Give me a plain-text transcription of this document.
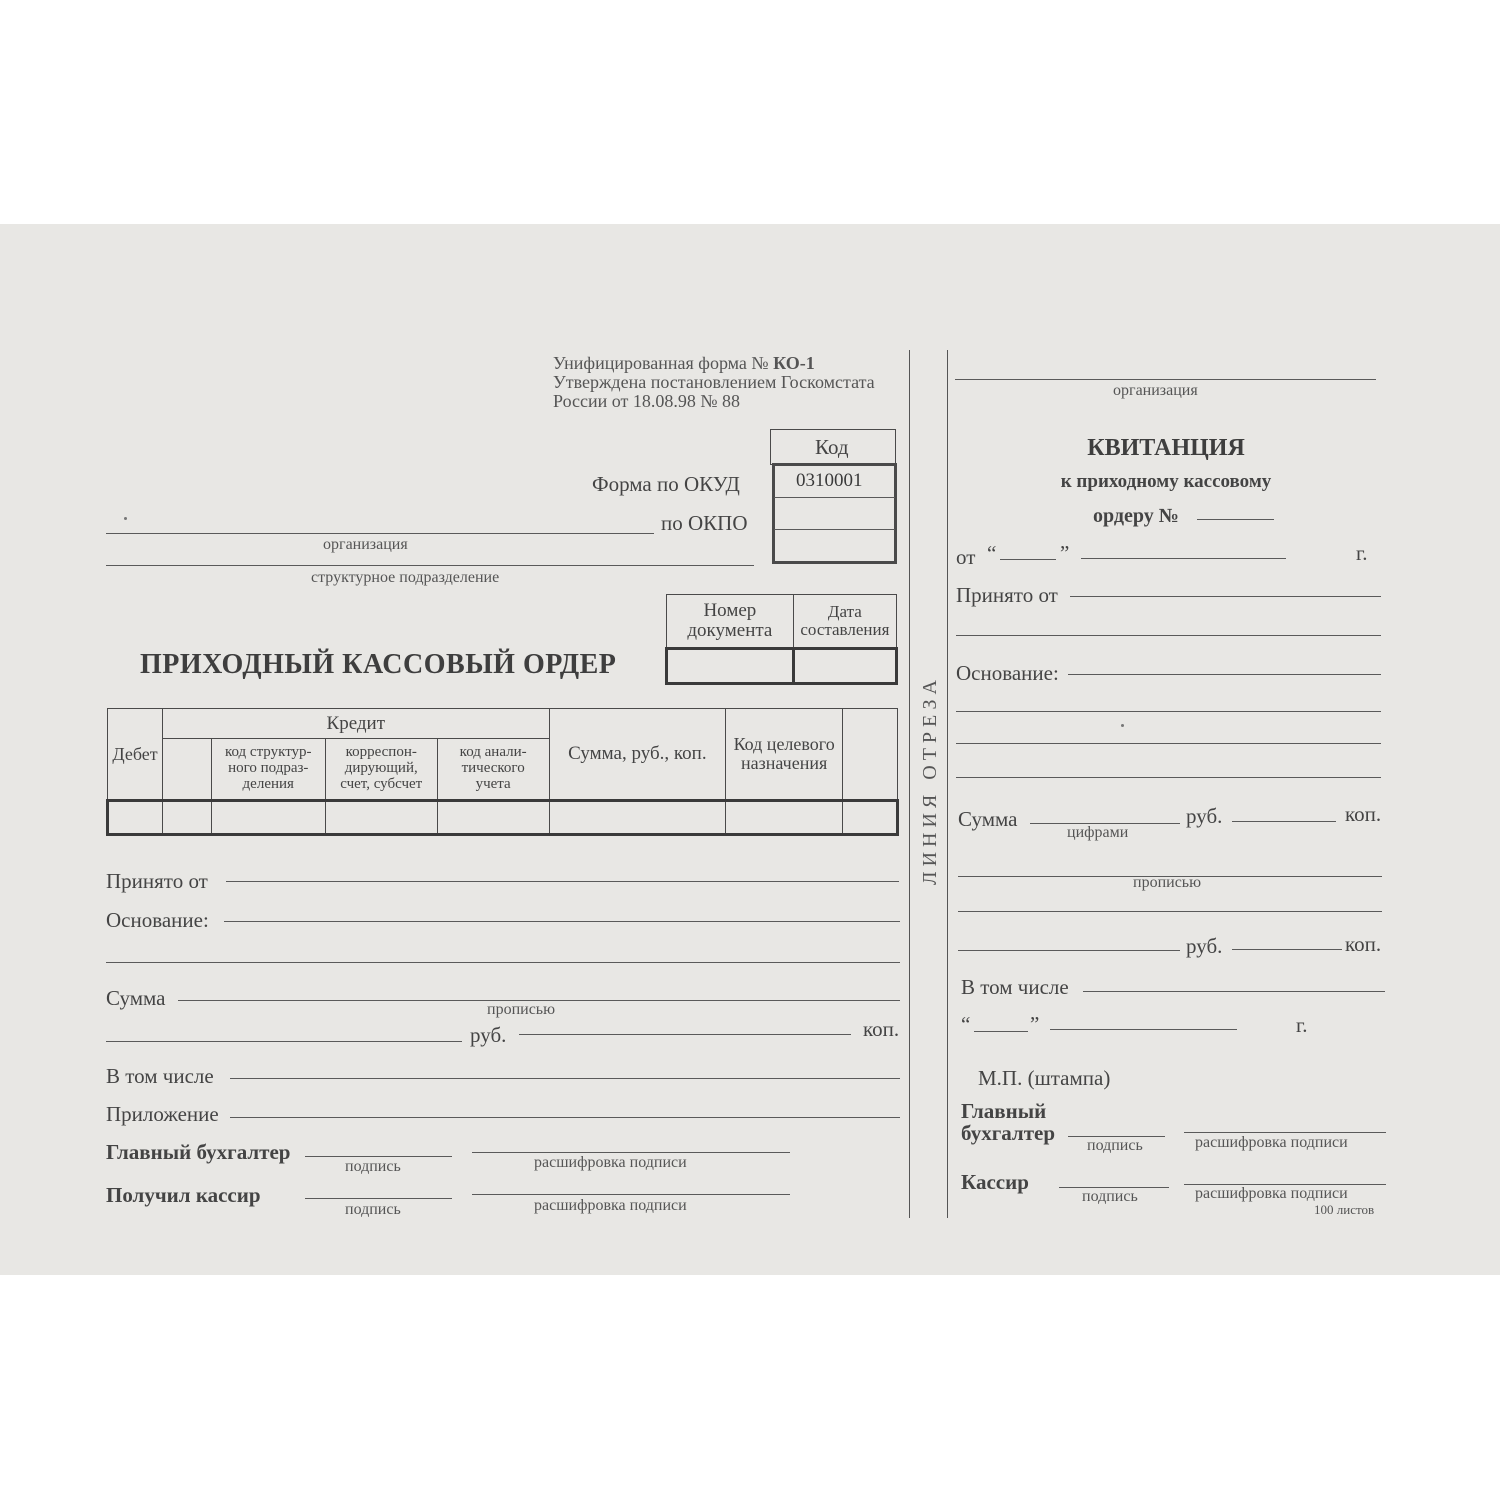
Унифицированная форма № КО-1
Утверждена постановлением Госкомстата
России от 18.08.98 № 88
Код
0310001
Форма по ОКУД
по ОКПО
организация
структурное подразделение
Номер документа	Дата составления

ПРИХОДНЫЙ КАССОВЫЙ ОРДЕР
Дебет	Кредит				Сумма, руб., коп.	Код целевого назначения	
		код структур-ного подраз-деления	корреспон-дирующий, счет, субсчет	код анали-тического учета			

Принято от
Основание:
Сумма	прописью
руб.	коп.
В том числе
Приложение
Главный бухгалтер
подпись	расшифровка подписи
Получил кассир
подпись	расшифровка подписи
ЛИНИЯ ОТРЕЗА
организация
КВИТАНЦИЯ
к приходному кассовому
ордеру №
от “	”	г.
Принято от
Основание:
Сумма
цифрами
руб.	коп.
прописью
руб.	коп.
В том числе
“	”	г.
М.П. (штампа)
Главный
бухгалтер
подпись	расшифровка подписи
Кассир
подпись	расшифровка подписи
100 листов
